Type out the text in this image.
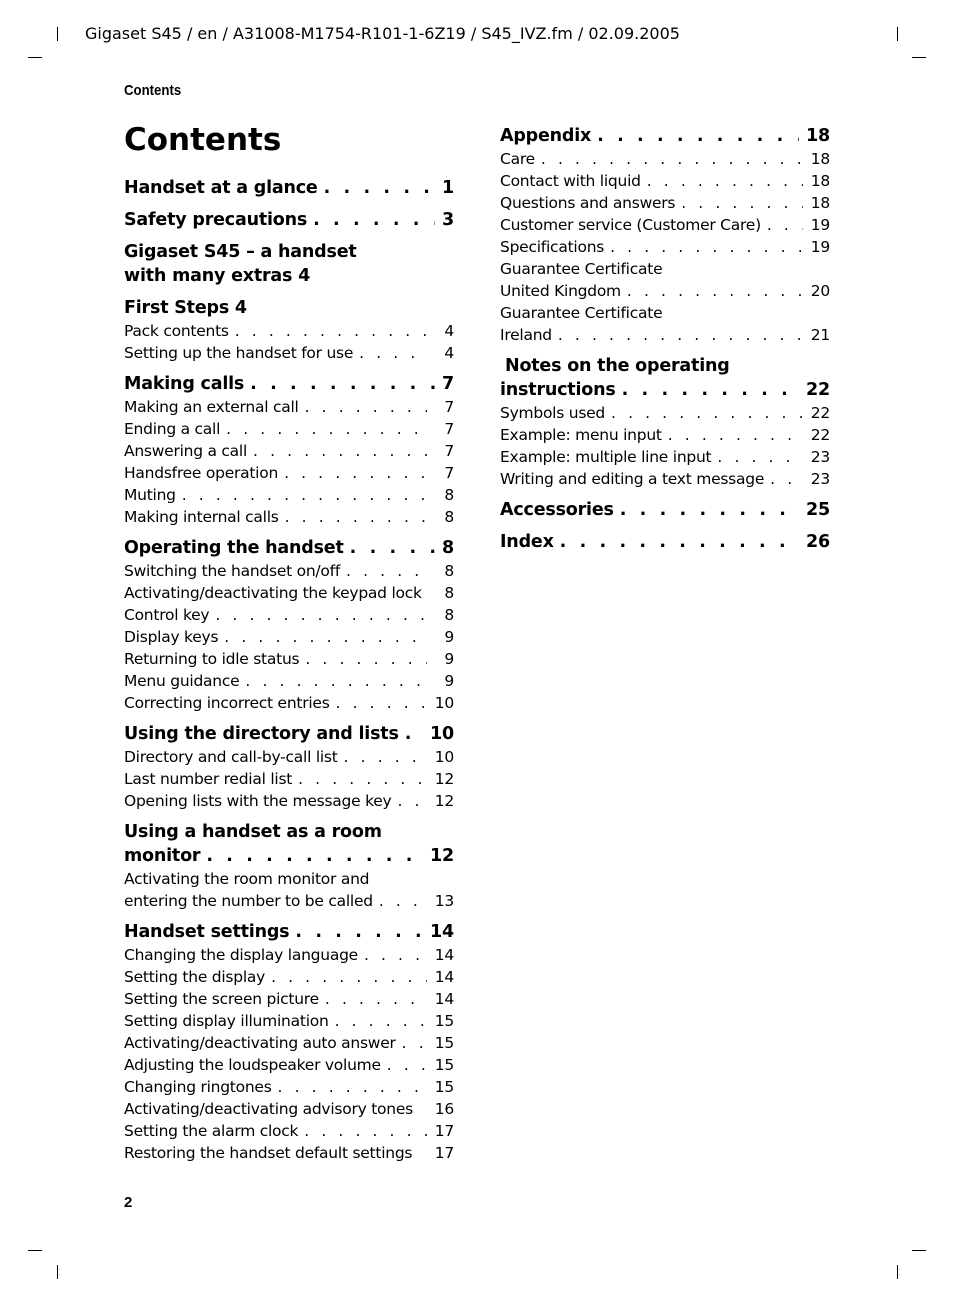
Gigaset S45 / en / A31008-M1754-R101-1-6Z19 / S45_IVZ.fm / 02.09.2005
Contents
Contents
Handset at a glance . . .	1
Safety precautions . . .	3
Gigaset S45 – a handset
with many extras 4
First Steps 4
Pack contents . . .	4
Setting up the handset for use . . .	4
Making calls . . .	7
Making an external call . . .	7
Ending a call . . .	7
Answering a call . . .	7
Handsfree operation . . .	7
Muting . . .	8
Making internal calls . . .	8
Operating the handset . . .	8
Switching the handset on/off . . .	8
Activating/deactivating the keypad lock	8
Control key . . .	8
Display keys . . .	9
Returning to idle status . . .	9
Menu guidance . . .	9
Correcting incorrect entries . . .	10
Using the directory and lists . . . 10
Directory and call-by-call list . . .	10
Last number redial list . . .	12
Opening lists with the message key . . .	12
Using a handset as a room
monitor . . .	12
Activating the room monitor and
entering the number to be called . . .	13
Handset settings . . .	14
Changing the display language . . .	14
Setting the display . . .	14
Setting the screen picture . . .	14
Setting display illumination . . .	15
Activating/deactivating auto answer . . .	15
Adjusting the loudspeaker volume . . .	15
Changing ringtones . . .	15
Activating/deactivating advisory tones	16
Setting the alarm clock . . .	17
Restoring the handset default settings	17
Appendix . . .	18
Care . . .	18
Contact with liquid . . .	18
Questions and answers . . .	18
Customer service (Customer Care) . . .	19
Specifications . . .	19
Guarantee Certificate
United Kingdom . . .	20
Guarantee Certificate
Ireland . . .	21
Notes on the operating
instructions . . .	22
Symbols used . . .	22
Example: menu input . . .	22
Example: multiple line input . . .	23
Writing and editing a text message . . .	23
Accessories . . .	25
Index . . .	26
2
